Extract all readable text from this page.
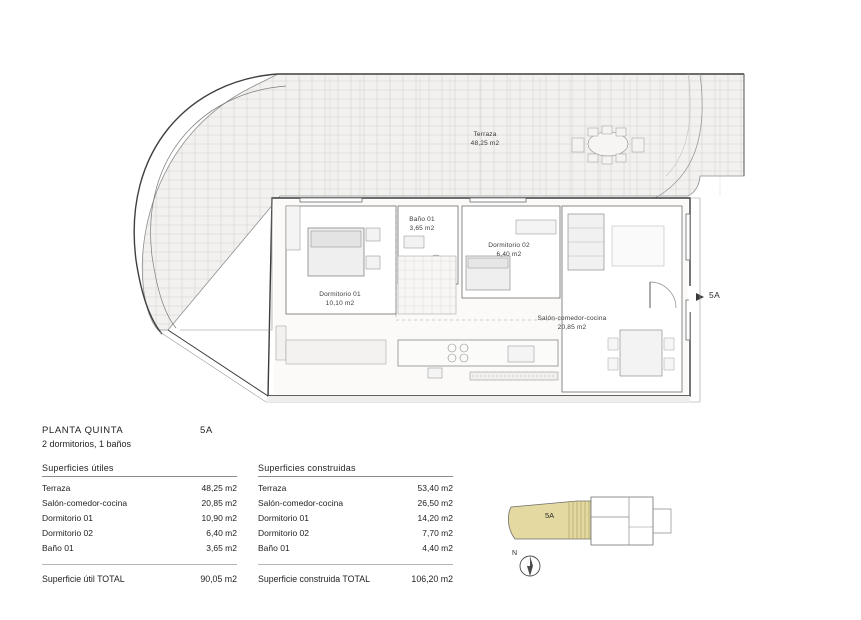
Terraza
48,25 m2
Baño 01
3,65 m2
Dormitorio 02
6,40 m2
Dormitorio 01
10,10 m2
Salón-comedor-cocina
20,85 m2
5A
PLANTA QUINTA	5A
2 dormitorios, 1 baños
Superficies útiles
Terraza	48,25 m2
Salón-comedor-cocina	20,85 m2
Dormitorio 01	10,90 m2
Dormitorio 02	6,40 m2
Baño 01	3,65 m2
Superficie útil TOTAL	90,05 m2
Superficies construidas
Terraza	53,40 m2
Salón-comedor-cocina	26,50 m2
Dormitorio 01	14,20 m2
Dormitorio 02	7,70 m2
Baño 01	4,40 m2
Superficie construida TOTAL	106,20 m2
5A
N
